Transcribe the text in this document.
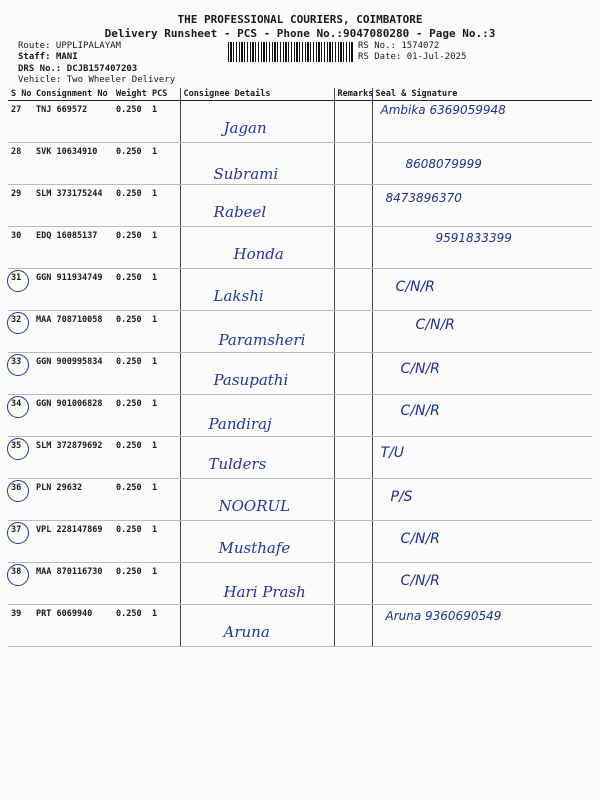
THE PROFESSIONAL COURIERS, COIMBATORE
Delivery Runsheet - PCS - Phone No.:9047080280 - Page No.:3
Route: UPPLIPALAYAM
Staff: MANI
DRS No.: DCJB157407203
Vehicle: Two Wheeler Delivery
RS No.: 1574072
RS Date: 01-Jul-2025
S No	Consignment No	Weight	PCS	Consignee Details	Remarks	Seal & Signature
27	TNJ 669572	0.250	1	Jagan		Ambika 6369059948
28	SVK 10634910	0.250	1	Subrami		8608079999
29	SLM 373175244	0.250	1	Rabeel		8473896370
30	EDQ 16085137	0.250	1	Honda		9591833399
31	GGN 911934749	0.250	1	Lakshi		C/N/R
32	MAA 708710058	0.250	1	Paramsheri		C/N/R
33	GGN 900995834	0.250	1	Pasupathi		C/N/R
34	GGN 901006828	0.250	1	Pandiraj		C/N/R
35	SLM 372879692	0.250	1	Tulders		T/U
36	PLN 29632	0.250	1	NOORUL		P/S
37	VPL 228147869	0.250	1	Musthafe		C/N/R
38	MAA 870116730	0.250	1	Hari Prash		C/N/R
39	PRT 6069940	0.250	1	Aruna		Aruna 9360690549
